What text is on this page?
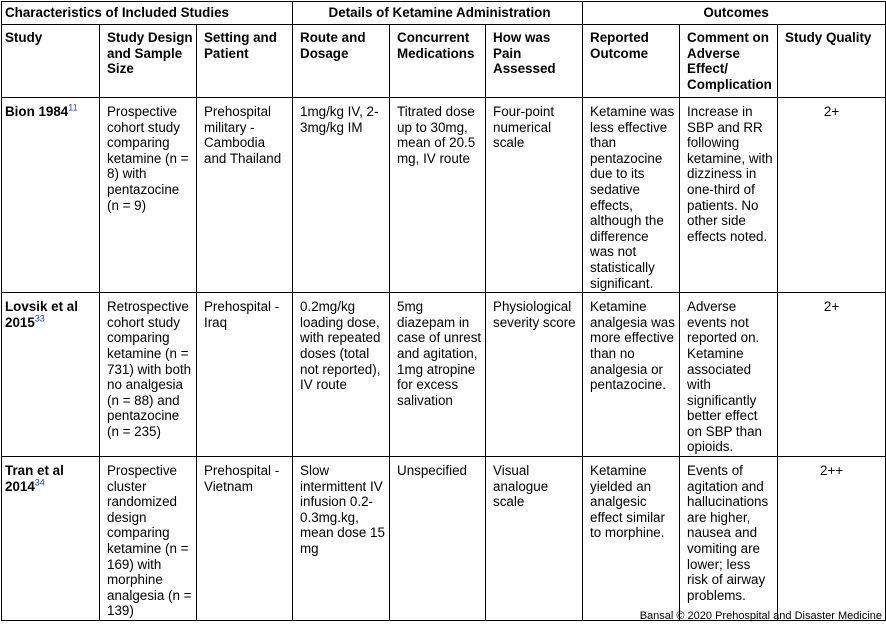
Characteristics of Included Studies			Details of Ketamine Administration			Outcomes		
Study	Study Design and Sample Size	Setting and Patient	Route and Dosage	Concurrent Medications	How was Pain Assessed	Reported Outcome	Comment on Adverse Effect/ Complication	Study Quality
Bion 1984$^{11}$	Prospective cohort study comparing ketamine (n = 8) with pentazocine (n = 9)	Prehospital military - Cambodia and Thailand	1mg/kg IV, 2-3mg/kg IM	Titrated dose up to 30mg, mean of 20.5 mg, IV route	Four-point numerical scale	Ketamine was less effective than pentazocine due to its sedative effects, although the difference was not statistically significant.	Increase in SBP and RR following ketamine, with dizziness in one-third of patients. No other side effects noted.	2+
Lovsik et al 2015$^{33}$	Retrospective cohort study comparing ketamine (n = 731) with both no analgesia (n = 88) and pentazocine (n = 235)	Prehospital - Iraq	0.2mg/kg loading dose, with repeated doses (total not reported), IV route	5mg diazepam in case of unrest and agitation, 1mg atropine for excess salivation	Physiological severity score	Ketamine analgesia was more effective than no analgesia or pentazocine.	Adverse events not reported on. Ketamine associated with significantly better effect on SBP than opioids.	2+
Tran et al 2014$^{34}$	Prospective cluster randomized design comparing ketamine (n = 169) with morphine analgesia (n = 139)	Prehospital - Vietnam	Slow intermittent IV infusion 0.2-0.3mg.kg, mean dose 15 mg	Unspecified	Visual analogue scale	Ketamine yielded an analgesic effect similar to morphine.	Events of agitation and hallucinations are higher, nausea and vomiting are lower; less risk of airway problems.	2++
Bansal © 2020 Prehospital and Disaster Medicine
